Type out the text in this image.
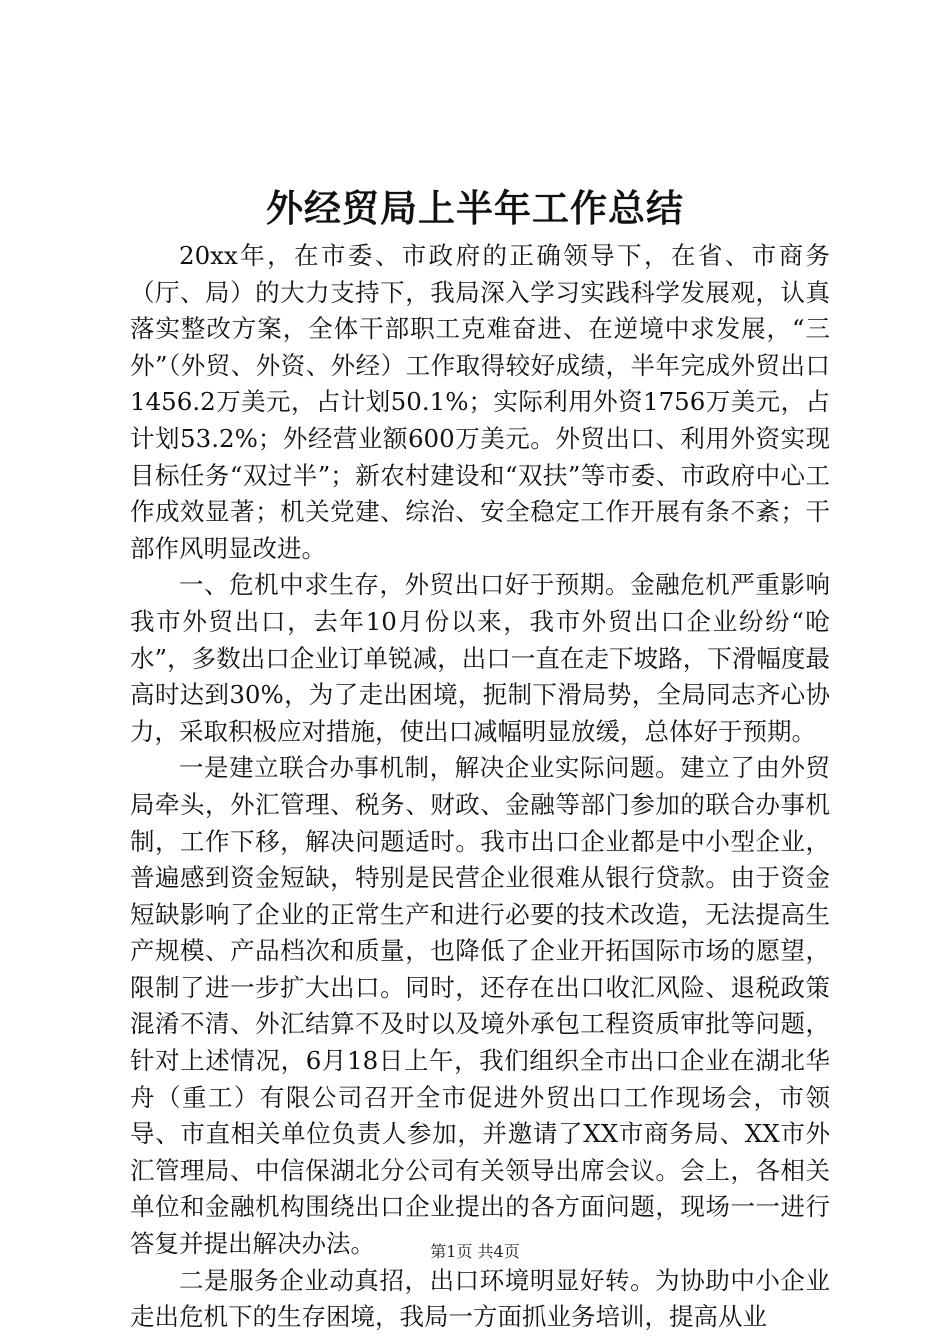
外经贸局上半年工作总结

20xx年，在市委、市政府的正确领导下，在省、市商务（厅、局）的大力支持下，我局深入学习实践科学发展观，认真落实整改方案，全体干部职工克难奋进、在逆境中求发展，“三外”（外贸、外资、外经）工作取得较好成绩，半年完成外贸出口1456.2万美元，占计划50.1%；实际利用外资1756万美元，占计划53.2%；外经营业额600万美元。外贸出口、利用外资实现目标任务“双过半”；新农村建设和“双扶”等市委、市政府中心工作成效显著；机关党建、综治、安全稳定工作开展有条不紊；干部作风明显改进。

一、危机中求生存，外贸出口好于预期。金融危机严重影响我市外贸出口，去年10月份以来，我市外贸出口企业纷纷“呛水”，多数出口企业订单锐减，出口一直在走下坡路，下滑幅度最高时达到30%，为了走出困境，扼制下滑局势，全局同志齐心协力，采取积极应对措施，使出口减幅明显放缓，总体好于预期。

一是建立联合办事机制，解决企业实际问题。建立了由外贸局牵头，外汇管理、税务、财政、金融等部门参加的联合办事机制，工作下移，解决问题适时。我市出口企业都是中小型企业，普遍感到资金短缺，特别是民营企业很难从银行贷款。由于资金短缺影响了企业的正常生产和进行必要的技术改造，无法提高生产规模、产品档次和质量，也降低了企业开拓国际市场的愿望，限制了进一步扩大出口。同时，还存在出口收汇风险、退税政策混淆不清、外汇结算不及时以及境外承包工程资质审批等问题，针对上述情况，6月18日上午，我们组织全市出口企业在湖北华舟（重工）有限公司召开全市促进外贸出口工作现场会，市领导、市直相关单位负责人参加，并邀请了XX市商务局、XX市外汇管理局、中信保湖北分公司有关领导出席会议。会上，各相关单位和金融机构围绕出口企业提出的各方面问题，现场一一进行答复并提出解决办法。

二是服务企业动真招，出口环境明显好转。为协助中小企业走出危机下的生存困境，我局一方面抓业务培训，提高从业

第1页 共4页
